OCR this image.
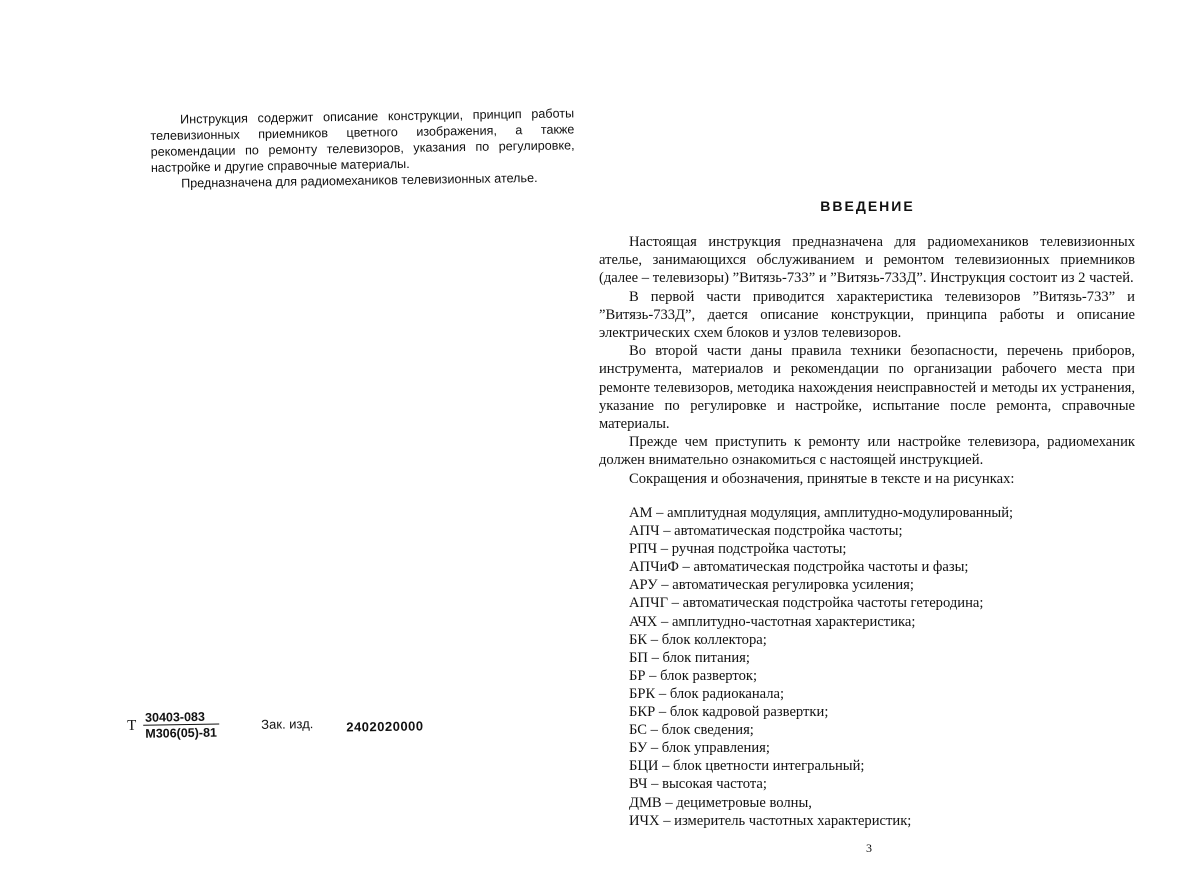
Инструкция содержит описание конструкции, принцип работы телевизионных приемников цветного изображения, а также рекомендации по ремонту телевизоров, указания по регулировке, настройке и другие справочные материалы.

Предназначена для радиомехаников телевизионных ателье.

Т
30403-083
М306(05)-81
Зак. изд.	2402020000
ВВЕДЕНИЕ

Настоящая инструкция предназначена для радиомехаников телевизионных ателье, занимающихся обслуживанием и ремонтом телевизионных приемников (далее – телевизоры) ”Витязь-733” и ”Витязь-733Д”. Инструкция состоит из 2 частей.

В первой части приводится характеристика телевизоров ”Витязь-733” и ”Витязь-733Д”, дается описание конструкции, принципа работы и описание электрических схем блоков и узлов телевизоров.

Во второй части даны правила техники безопасности, перечень приборов, инструмента, материалов и рекомендации по организации рабочего места при ремонте телевизоров, методика нахождения неисправностей и методы их устранения, указание по регулировке и настройке, испытание после ремонта, справочные материалы.

Прежде чем приступить к ремонту или настройке телевизора, радиомеханик должен внимательно ознакомиться с настоящей инструкцией.

Сокращения и обозначения, принятые в тексте и на рисунках:

АМ – амплитудная модуляция, амплитудно-модулированный;
АПЧ – автоматическая подстройка частоты;
РПЧ – ручная подстройка частоты;
АПЧиФ – автоматическая подстройка частоты и фазы;
АРУ – автоматическая регулировка усиления;
АПЧГ – автоматическая подстройка частоты гетеродина;
АЧХ – амплитудно-частотная характеристика;
БК – блок коллектора;
БП – блок питания;
БР – блок разверток;
БРК – блок радиоканала;
БКР – блок кадровой развертки;
БС – блок сведения;
БУ – блок управления;
БЦИ – блок цветности интегральный;
ВЧ – высокая частота;
ДМВ – дециметровые волны,
ИЧХ – измеритель частотных характеристик;
3
